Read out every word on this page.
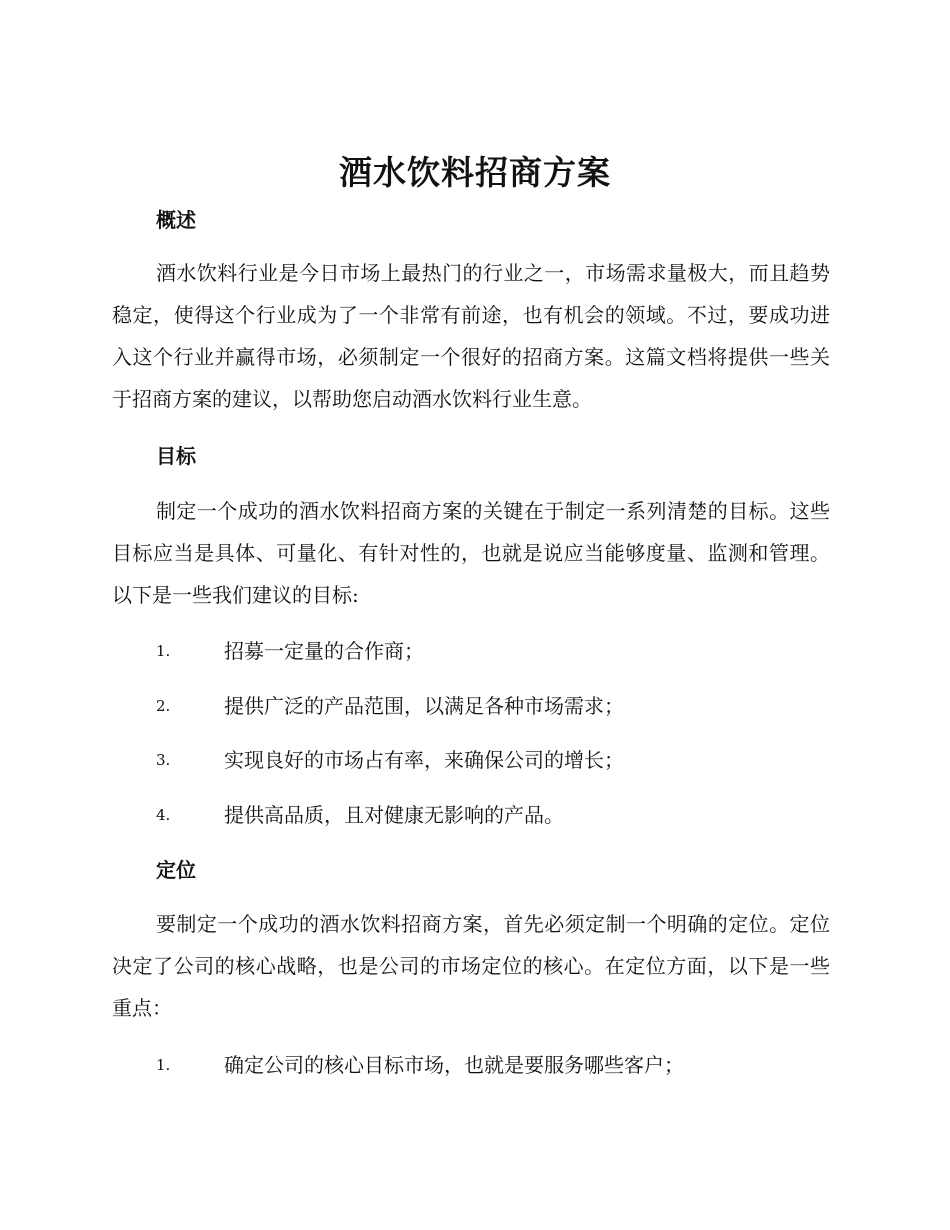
酒水饮料招商方案
概述

酒水饮料行业是今日市场上最热门的行业之一，市场需求量极大，而且趋势稳定，使得这个行业成为了一个非常有前途，也有机会的领域。不过，要成功进入这个行业并赢得市场，必须制定一个很好的招商方案。这篇文档将提供一些关于招商方案的建议，以帮助您启动酒水饮料行业生意。

目标

制定一个成功的酒水饮料招商方案的关键在于制定一系列清楚的目标。这些目标应当是具体、可量化、有针对性的，也就是说应当能够度量、监测和管理。以下是一些我们建议的目标:

1.	招募一定量的合作商；
2.	提供广泛的产品范围，以满足各种市场需求；
3.	实现良好的市场占有率，来确保公司的增长；
4.	提供高品质，且对健康无影响的产品。
定位

要制定一个成功的酒水饮料招商方案，首先必须定制一个明确的定位。定位决定了公司的核心战略，也是公司的市场定位的核心。在定位方面，以下是一些重点：

1.	确定公司的核心目标市场，也就是要服务哪些客户；
